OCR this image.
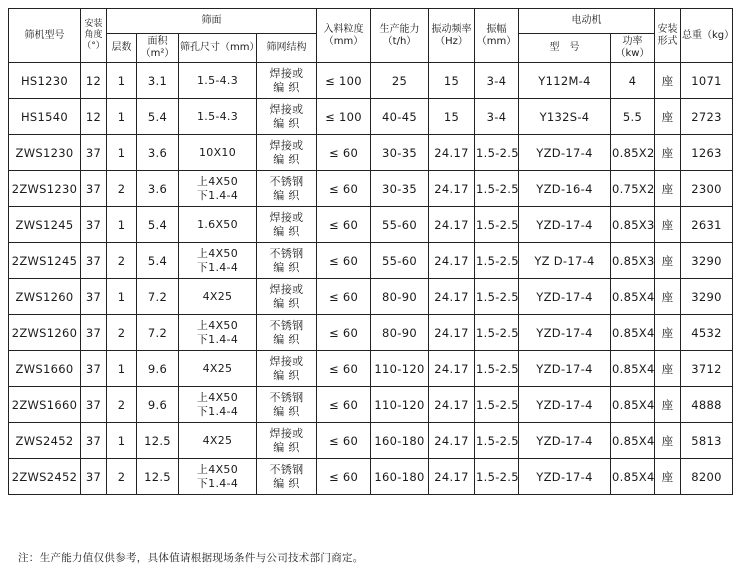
筛机型号	安装角度（°）	筛面				入料粒度（mm）	生产能力（t/h）	振动频率（Hz）	振幅（mm）	电动机		安装形式	总重（kg）
		层数	面积（m²）	筛孔尺寸（mm）	筛网结构					型　号	功率（kw）		
HS1230	12	1	3.1	1.5-4.3	焊接或
编 织	≤ 100	25	15	3-4	Y112M-4	4	座	1071
HS1540	12	1	5.4	1.5-4.3	焊接或
编 织	≤ 100	40-45	15	3-4	Y132S-4	5.5	座	2723
ZWS1230	37	1	3.6	10X10	焊接或
编 织	≤ 60	30-35	24.17	1.5-2.5	YZD-17-4	0.85X2	座	1263
2ZWS1230	37	2	3.6	上4X50
下1.4-4	不锈钢
编 织	≤ 60	30-35	24.17	1.5-2.5	YZD-16-4	0.75X2	座	2300
ZWS1245	37	1	5.4	1.6X50	焊接或
编 织	≤ 60	55-60	24.17	1.5-2.5	YZD-17-4	0.85X3	座	2631
2ZWS1245	37	2	5.4	上4X50
下1.4-4	不锈钢
编 织	≤ 60	55-60	24.17	1.5-2.5	YZ D-17-4	0.85X3	座	3290
ZWS1260	37	1	7.2	4X25	焊接或
编 织	≤ 60	80-90	24.17	1.5-2.5	YZD-17-4	0.85X4	座	3290
2ZWS1260	37	2	7.2	上4X50
下1.4-4	不锈钢
编 织	≤ 60	80-90	24.17	1.5-2.5	YZD-17-4	0.85X4	座	4532
ZWS1660	37	1	9.6	4X25	焊接或
编 织	≤ 60	110-120	24.17	1.5-2.5	YZD-17-4	0.85X4	座	3712
2ZWS1660	37	2	9.6	上4X50
下1.4-4	不锈钢
编 织	≤ 60	110-120	24.17	1.5-2.5	YZD-17-4	0.85X4	座	4888
ZWS2452	37	1	12.5	4X25	焊接或
编 织	≤ 60	160-180	24.17	1.5-2.5	YZD-17-4	0.85X4	座	5813
2ZWS2452	37	2	12.5	上4X50
下1.4-4	不锈钢
编 织	≤ 60	160-180	24.17	1.5-2.5	YZD-17-4	0.85X4	座	8200
注：生产能力值仅供参考，具体值请根据现场条件与公司技术部门商定。
